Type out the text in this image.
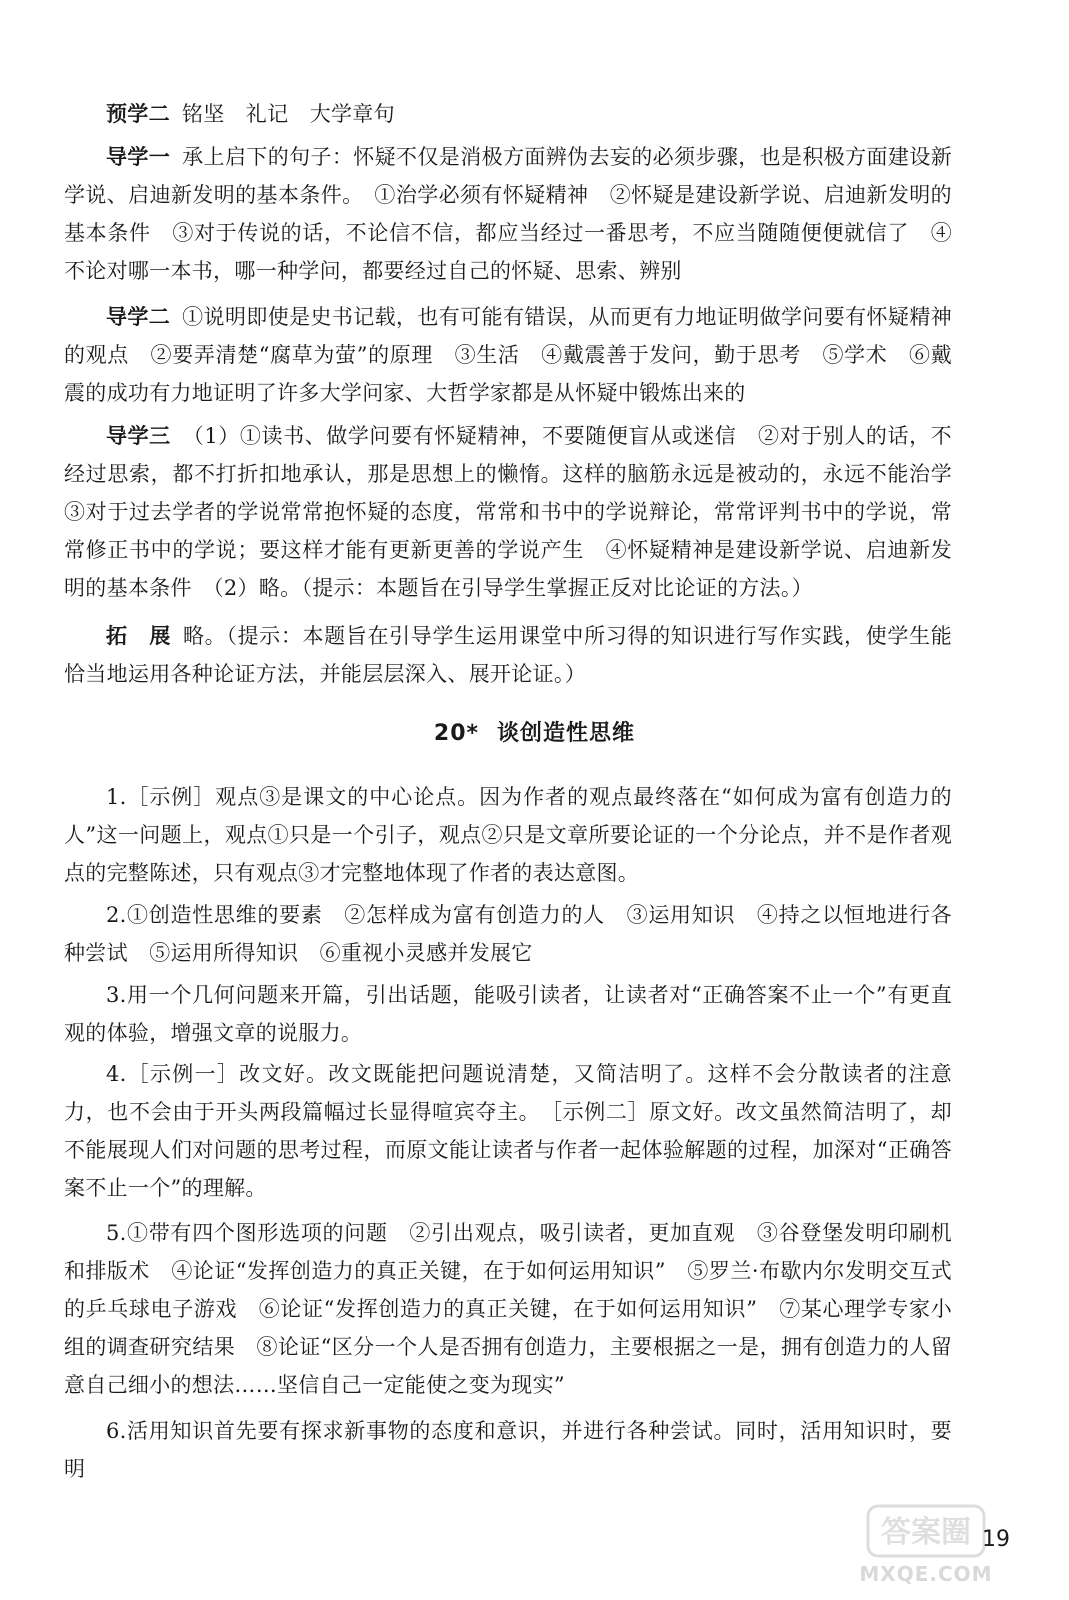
预学二 铭坚　礼记　大学章句
导学一 承上启下的句子：怀疑不仅是消极方面辨伪去妄的必须步骤，也是积极方面建设新学说、启迪新发明的基本条件。　①治学必须有怀疑精神　②怀疑是建设新学说、启迪新发明的基本条件　③对于传说的话，不论信不信，都应当经过一番思考，不应当随随便便就信了　④不论对哪一本书，哪一种学问，都要经过自己的怀疑、思索、辨别
导学二 ①说明即使是史书记载，也有可能有错误，从而更有力地证明做学问要有怀疑精神的观点　②要弄清楚“腐草为萤”的原理　③生活　④戴震善于发问，勤于思考　⑤学术　⑥戴震的成功有力地证明了许多大学问家、大哲学家都是从怀疑中锻炼出来的
导学三 （1）①读书、做学问要有怀疑精神，不要随便盲从或迷信　②对于别人的话，不经过思索，都不打折扣地承认，那是思想上的懒惰。这样的脑筋永远是被动的，永远不能治学　③对于过去学者的学说常常抱怀疑的态度，常常和书中的学说辩论，常常评判书中的学说，常常修正书中的学说；要这样才能有更新更善的学说产生　④怀疑精神是建设新学说、启迪新发明的基本条件　（2）略。（提示：本题旨在引导学生掌握正反对比论证的方法。）
拓　展 略。（提示：本题旨在引导学生运用课堂中所习得的知识进行写作实践，使学生能恰当地运用各种论证方法，并能层层深入、展开论证。）
20* 谈创造性思维
1.［示例］观点③是课文的中心论点。因为作者的观点最终落在“如何成为富有创造力的人”这一问题上，观点①只是一个引子，观点②只是文章所要论证的一个分论点，并不是作者观点的完整陈述，只有观点③才完整地体现了作者的表达意图。
2.①创造性思维的要素　②怎样成为富有创造力的人　③运用知识　④持之以恒地进行各种尝试　⑤运用所得知识　⑥重视小灵感并发展它
3.用一个几何问题来开篇，引出话题，能吸引读者，让读者对“正确答案不止一个”有更直观的体验，增强文章的说服力。
4.［示例一］改文好。改文既能把问题说清楚，又简洁明了。这样不会分散读者的注意力，也不会由于开头两段篇幅过长显得喧宾夺主。　［示例二］原文好。改文虽然简洁明了，却不能展现人们对问题的思考过程，而原文能让读者与作者一起体验解题的过程，加深对“正确答案不止一个”的理解。
5.①带有四个图形选项的问题　②引出观点，吸引读者，更加直观　③谷登堡发明印刷机和排版术　④论证“发挥创造力的真正关键，在于如何运用知识”　⑤罗兰·布歇内尔发明交互式的乒乓球电子游戏　⑥论证“发挥创造力的真正关键，在于如何运用知识”　⑦某心理学专家小组的调查研究结果　⑧论证“区分一个人是否拥有创造力，主要根据之一是，拥有创造力的人留意自己细小的想法……坚信自己一定能使之变为现实”
6.活用知识首先要有探求新事物的态度和意识，并进行各种尝试。同时，活用知识时，要明
答案圈
MXQE.COM
19
